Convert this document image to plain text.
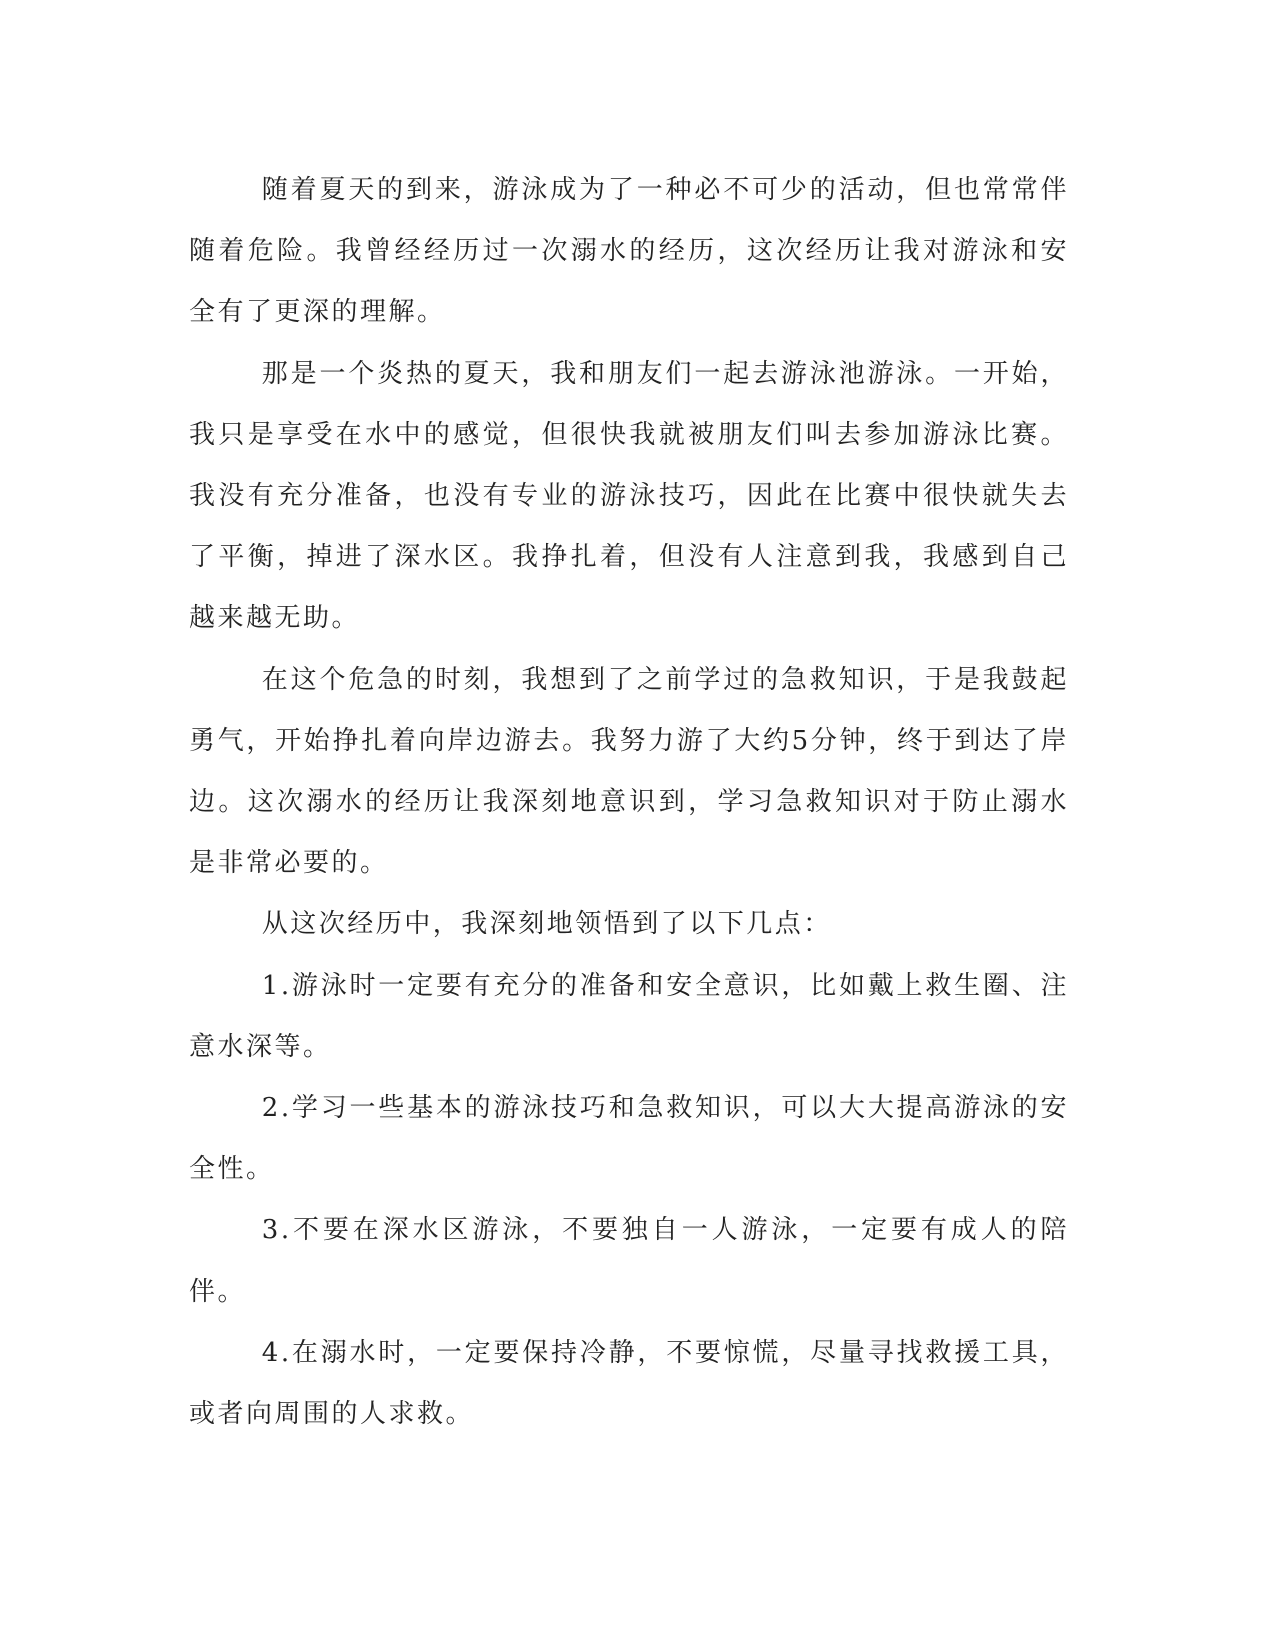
随着夏天的到来，游泳成为了一种必不可少的活动，但也常常伴随着危险。我曾经经历过一次溺水的经历，这次经历让我对游泳和安全有了更深的理解。

那是一个炎热的夏天，我和朋友们一起去游泳池游泳。一开始，我只是享受在水中的感觉，但很快我就被朋友们叫去参加游泳比赛。我没有充分准备，也没有专业的游泳技巧，因此在比赛中很快就失去了平衡，掉进了深水区。我挣扎着，但没有人注意到我，我感到自己越来越无助。

在这个危急的时刻，我想到了之前学过的急救知识，于是我鼓起勇气，开始挣扎着向岸边游去。我努力游了大约5分钟，终于到达了岸边。这次溺水的经历让我深刻地意识到，学习急救知识对于防止溺水是非常必要的。

从这次经历中，我深刻地领悟到了以下几点：

1.游泳时一定要有充分的准备和安全意识，比如戴上救生圈、注意水深等。

2.学习一些基本的游泳技巧和急救知识，可以大大提高游泳的安全性。

3.不要在深水区游泳，不要独自一人游泳，一定要有成人的陪伴。

4.在溺水时，一定要保持冷静，不要惊慌，尽量寻找救援工具，或者向周围的人求救。
